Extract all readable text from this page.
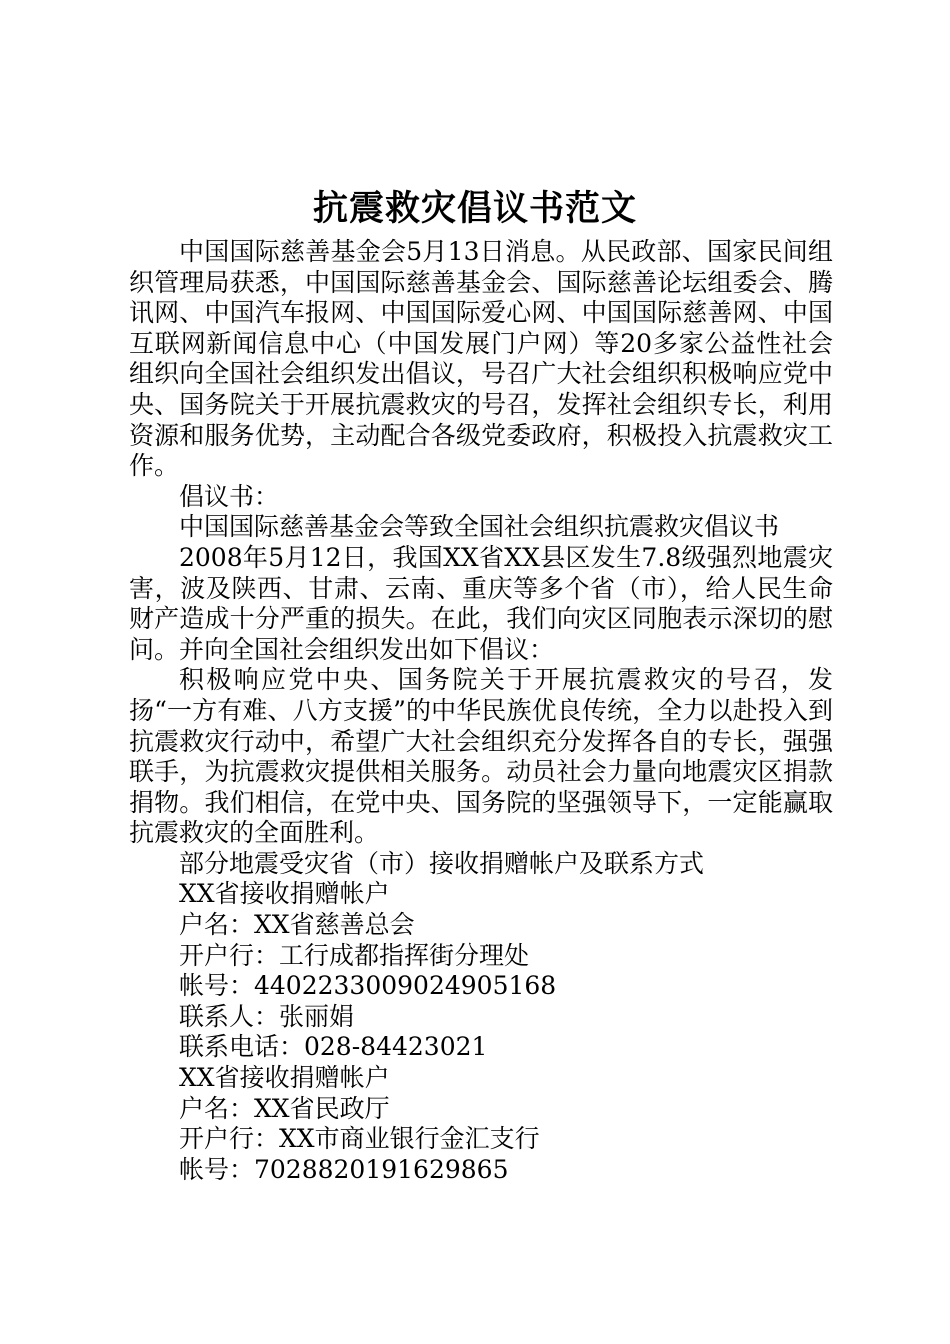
抗震救灾倡议书范文

中国国际慈善基金会5月13日消息。从民政部、国家民间组织管理局获悉，中国国际慈善基金会、国际慈善论坛组委会、腾讯网、中国汽车报网、中国国际爱心网、中国国际慈善网、中国互联网新闻信息中心（中国发展门户网）等20多家公益性社会组织向全国社会组织发出倡议，号召广大社会组织积极响应党中央、国务院关于开展抗震救灾的号召，发挥社会组织专长，利用资源和服务优势，主动配合各级党委政府，积极投入抗震救灾工作。

倡议书：

中国国际慈善基金会等致全国社会组织抗震救灾倡议书

2008年5月12日，我国XX省XX县区发生7.8级强烈地震灾害，波及陕西、甘肃、云南、重庆等多个省（市），给人民生命财产造成十分严重的损失。在此，我们向灾区同胞表示深切的慰问。并向全国社会组织发出如下倡议：

积极响应党中央、国务院关于开展抗震救灾的号召，发扬“一方有难、八方支援”的中华民族优良传统，全力以赴投入到抗震救灾行动中，希望广大社会组织充分发挥各自的专长，强强联手，为抗震救灾提供相关服务。动员社会力量向地震灾区捐款捐物。我们相信，在党中央、国务院的坚强领导下，一定能赢取抗震救灾的全面胜利。

部分地震受灾省（市）接收捐赠帐户及联系方式

XX省接收捐赠帐户

户名：XX省慈善总会

开户行：工行成都指挥街分理处

帐号：4402233009024905168

联系人：张丽娟

联系电话：028-84423021

XX省接收捐赠帐户

户名：XX省民政厅

开户行：XX市商业银行金汇支行

帐号：7028820191629865
